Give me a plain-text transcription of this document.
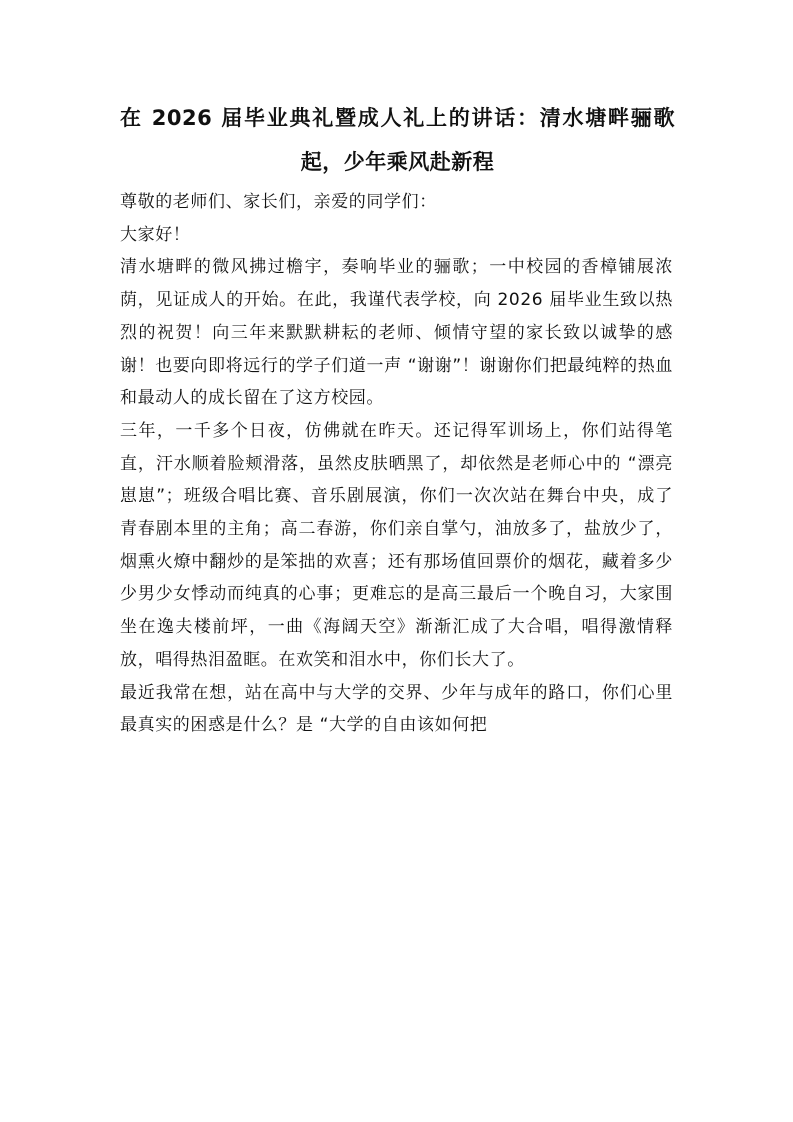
在 2026 届毕业典礼暨成人礼上的讲话：清水塘畔骊歌起，少年乘风赴新程

尊敬的老师们、家长们，亲爱的同学们：

大家好！

清水塘畔的微风拂过檐宇，奏响毕业的骊歌；一中校园的香樟铺展浓荫，见证成人的开始。在此，我谨代表学校，向 2026 届毕业生致以热烈的祝贺！向三年来默默耕耘的老师、倾情守望的家长致以诚挚的感谢！也要向即将远行的学子们道一声 “谢谢”！谢谢你们把最纯粹的热血和最动人的成长留在了这方校园。

三年，一千多个日夜，仿佛就在昨天。还记得军训场上，你们站得笔直，汗水顺着脸颊滑落，虽然皮肤晒黑了，却依然是老师心中的 “漂亮崽崽”；班级合唱比赛、音乐剧展演，你们一次次站在舞台中央，成了青春剧本里的主角；高二春游，你们亲自掌勺，油放多了，盐放少了，烟熏火燎中翻炒的是笨拙的欢喜；还有那场值回票价的烟花，藏着多少少男少女悸动而纯真的心事；更难忘的是高三最后一个晚自习，大家围坐在逸夫楼前坪，一曲《海阔天空》渐渐汇成了大合唱，唱得激情释放，唱得热泪盈眶。在欢笑和泪水中，你们长大了。

最近我常在想，站在高中与大学的交界、少年与成年的路口，你们心里最真实的困惑是什么？是 “大学的自由该如何把
